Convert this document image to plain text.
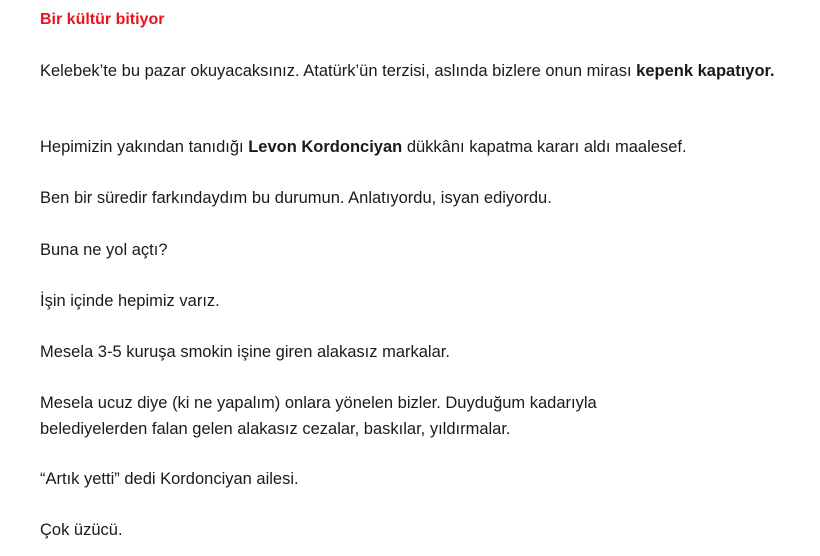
Bir kültür bitiyor

Kelebek’te bu pazar okuyacaksınız. Atatürk’ün terzisi, aslında bizlere onun mirası kepenk kapatıyor.

Hepimizin yakından tanıdığı Levon Kordonciyan dükkânı kapatma kararı aldı maalesef.

Ben bir süredir farkındaydım bu durumun. Anlatıyordu, isyan ediyordu.

Buna ne yol açtı?

İşin içinde hepimiz varız.

Mesela 3-5 kuruşa smokin işine giren alakasız markalar.

Mesela ucuz diye (ki ne yapalım) onlara yönelen bizler. Duyduğum kadarıyla
belediyelerden falan gelen alakasız cezalar, baskılar, yıldırmalar.

“Artık yetti” dedi Kordonciyan ailesi.

Çok üzücü.
